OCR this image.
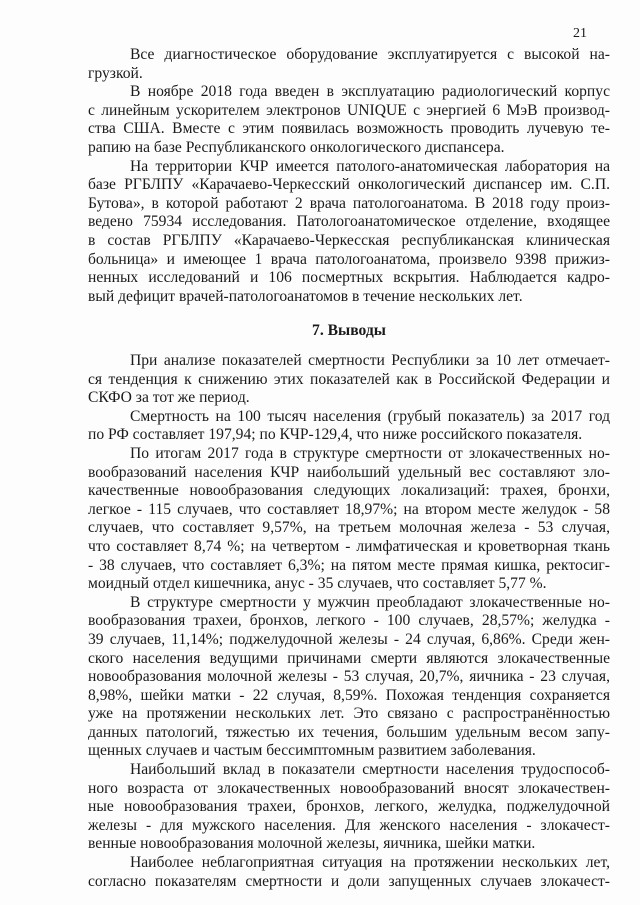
21
Все диагностическое оборудование эксплуатируется с высокой на-
грузкой.
В ноябре 2018 года введен в эксплуатацию радиологический корпус
с линейным ускорителем электронов UNIQUE с энергией 6 МэВ производ-
ства США. Вместе с этим появилась возможность проводить лучевую те-
рапию на базе Республиканского онкологического диспансера.
На территории КЧР имеется патолого-анатомическая лаборатория на
базе РГБЛПУ «Карачаево-Черкесский онкологический диспансер им. С.П.
Бутова», в которой работают 2 врача патологоанатома. В 2018 году произ-
ведено 75934 исследования. Патологоанатомическое отделение, входящее
в состав РГБЛПУ «Карачаево-Черкесская республиканская клиническая
больница» и имеющее 1 врача патологоанатома, произвело 9398 прижиз-
ненных исследований и 106 посмертных вскрытия. Наблюдается кадро-
вый дефицит врачей-патологоанатомов в течение нескольких лет.
7. Выводы
При анализе показателей смертности Республики за 10 лет отмечает-
ся тенденция к снижению этих показателей как в Российской Федерации и
СКФО за тот же период.
Смертность на 100 тысяч населения (грубый показатель) за 2017 год
по РФ составляет 197,94; по КЧР-129,4, что ниже российского показателя.
По итогам 2017 года в структуре смертности от злокачественных но-
вообразований населения КЧР наибольший удельный вес составляют зло-
качественные новообразования следующих локализаций: трахея, бронхи,
легкое - 115 случаев, что составляет 18,97%; на втором месте желудок - 58
случаев, что составляет 9,57%, на третьем молочная железа - 53 случая,
что составляет 8,74 %; на четвертом - лимфатическая и кроветворная ткань
- 38 случаев, что составляет 6,3%; на пятом месте прямая кишка, ректосиг-
моидный отдел кишечника, анус - 35 случаев, что составляет 5,77 %.
В структуре смертности у мужчин преобладают злокачественные но-
вообразования трахеи, бронхов, легкого - 100 случаев, 28,57%; желудка -
39 случаев, 11,14%; поджелудочной железы - 24 случая, 6,86%. Среди жен-
ского населения ведущими причинами смерти являются злокачественные
новообразования молочной железы - 53 случая, 20,7%, яичника - 23 случая,
8,98%, шейки матки - 22 случая, 8,59%. Похожая тенденция сохраняется
уже на протяжении нескольких лет. Это связано с распространённостью
данных патологий, тяжестью их течения, большим удельным весом запу-
щенных случаев и частым бессимптомным развитием заболевания.
Наибольший вклад в показатели смертности населения трудоспособ-
ного возраста от злокачественных новообразований вносят злокачествен-
ные новообразования трахеи, бронхов, легкого, желудка, поджелудочной
железы - для мужского населения. Для женского населения - злокачест-
венные новообразования молочной железы, яичника, шейки матки.
Наиболее неблагоприятная ситуация на протяжении нескольких лет,
согласно показателям смертности и доли запущенных случаев злокачест-
